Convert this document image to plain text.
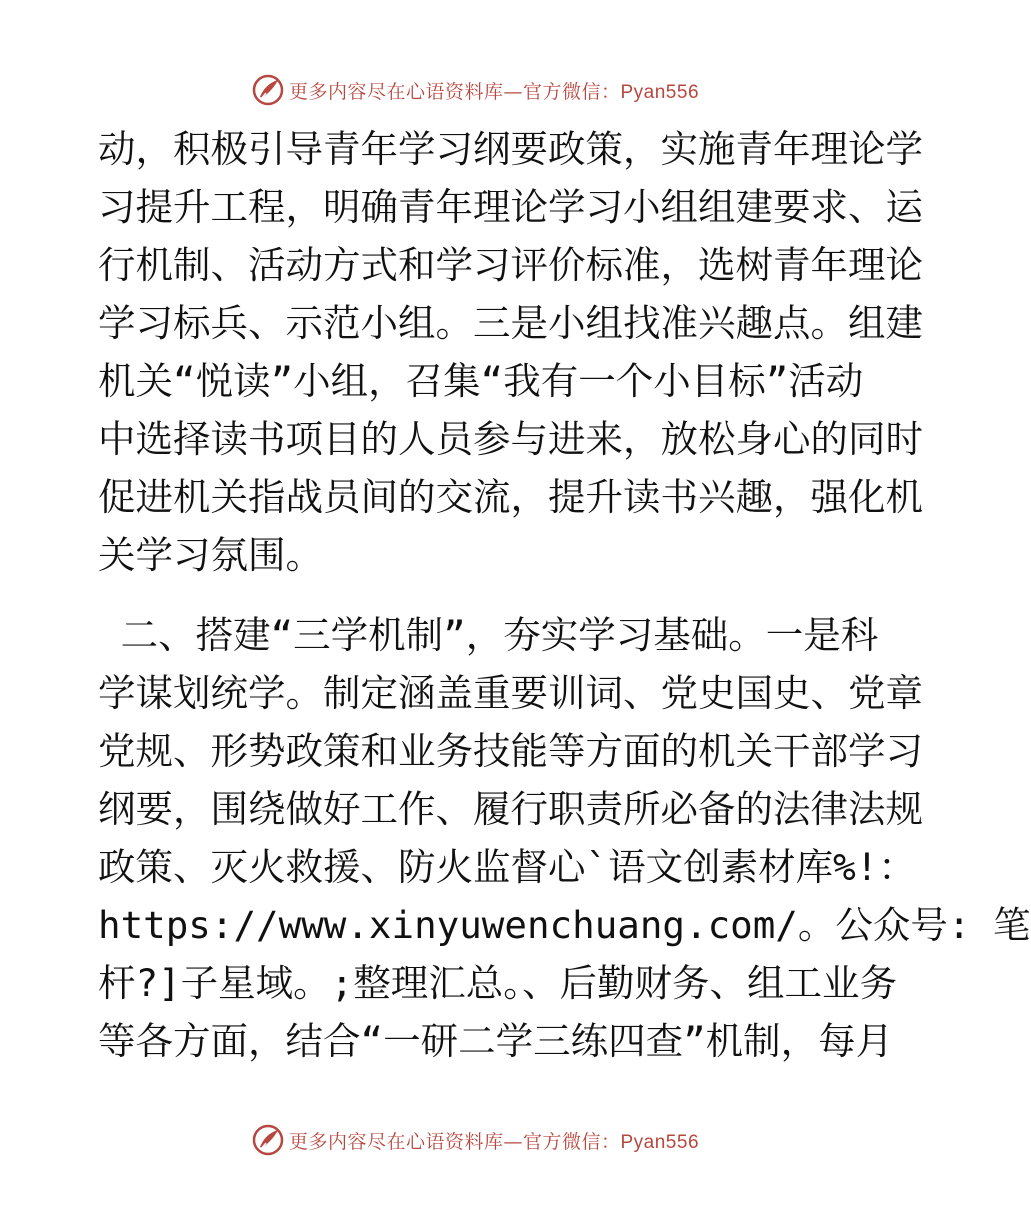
更多内容尽在心语资料库—官方微信：Pyan556
动，积极引导青年学习纲要政策，实施青年理论学
习提升工程，明确青年理论学习小组组建要求、运
行机制、活动方式和学习评价标准，选树青年理论
学习标兵、示范小组。三是小组找准兴趣点。组建
机关“悦读”小组，召集“我有一个小目标”活动
中选择读书项目的人员参与进来，放松身心的同时
促进机关指战员间的交流，提升读书兴趣，强化机
关学习氛围。
二、搭建“三学机制”，夯实学习基础。一是科
学谋划统学。制定涵盖重要训词、党史国史、党章
党规、形势政策和业务技能等方面的机关干部学习
纲要，围绕做好工作、履行职责所必备的法律法规
政策、灭火救援、防火监督心`语文创素材库%!：
https://www.xinyuwenchuang.com/。公众号: 笔
杆?]子星域。;整理汇总。、后勤财务、组工业务
等各方面，结合“一研二学三练四查”机制，每月
更多内容尽在心语资料库—官方微信：Pyan556
